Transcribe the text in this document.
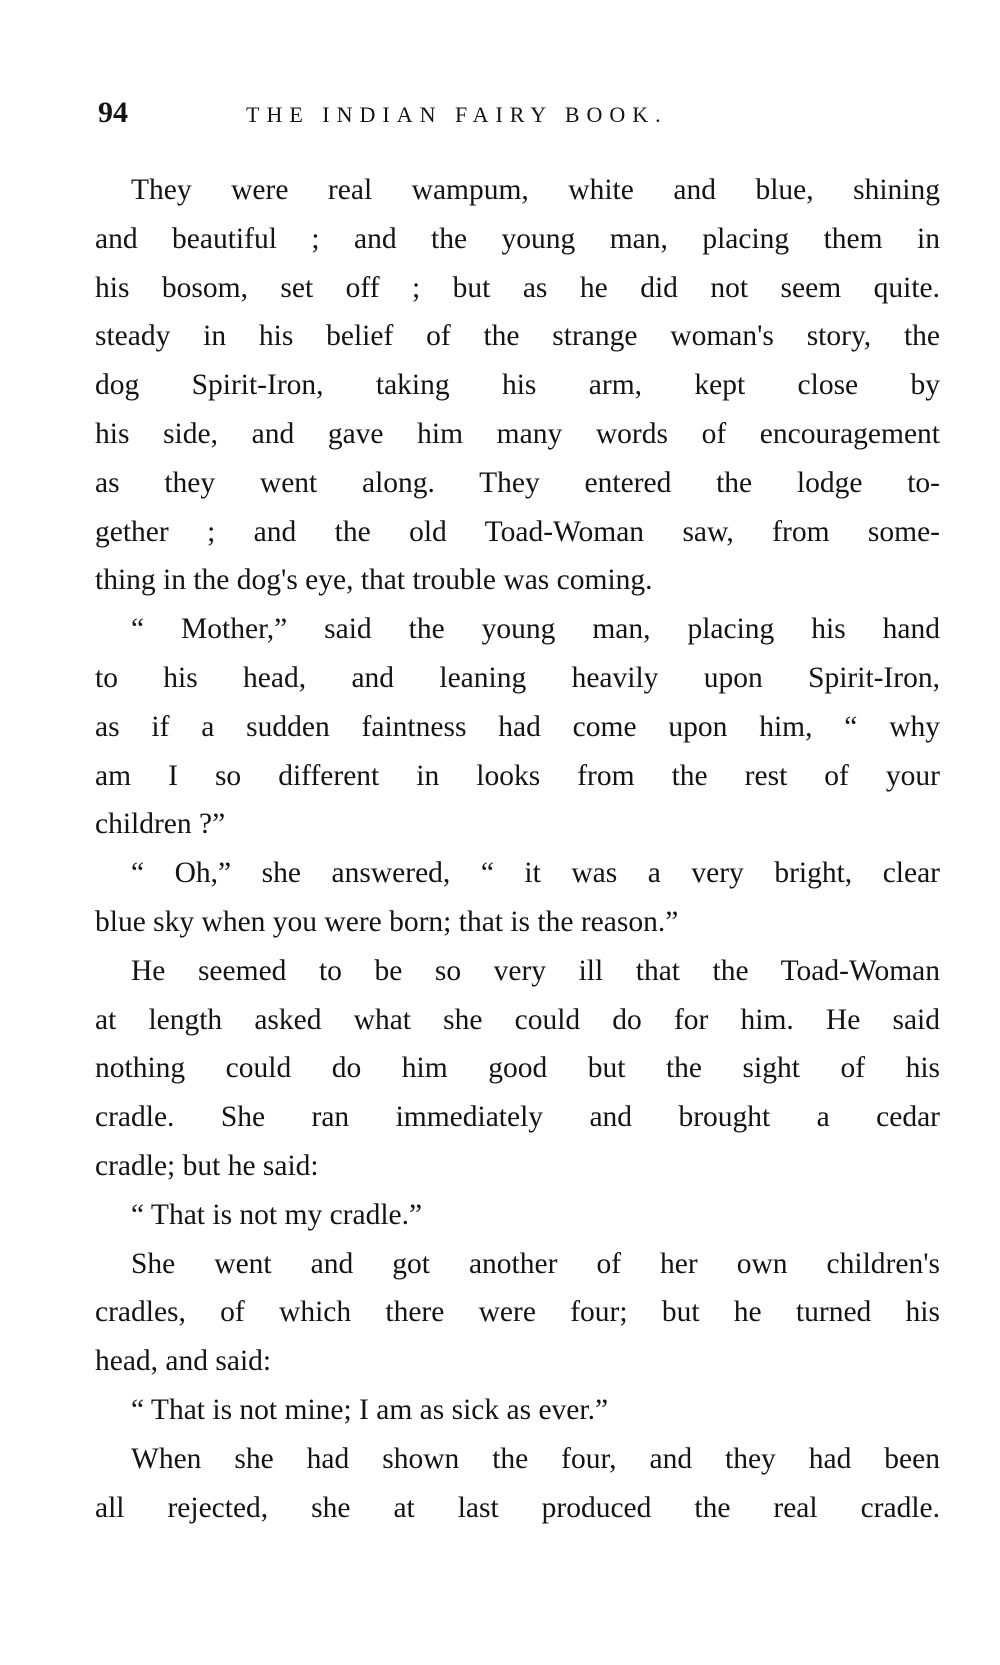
94	THE INDIAN FAIRY BOOK.
They were real wampum, white and blue, shining
and beautiful ; and the young man, placing them in
his bosom, set off ; but as he did not seem quite.
steady in his belief of the strange woman's story, the
dog Spirit-Iron, taking his arm, kept close by
his side, and gave him many words of encouragement
as they went along. They entered the lodge to-
gether ; and the old Toad-Woman saw, from some-
thing in the dog's eye, that trouble was coming.
“ Mother,” said the young man, placing his hand
to his head, and leaning heavily upon Spirit-Iron,
as if a sudden faintness had come upon him, “ why
am I so different in looks from the rest of your
children ?”
“ Oh,” she answered, “ it was a very bright, clear
blue sky when you were born; that is the reason.”
He seemed to be so very ill that the Toad-Woman
at length asked what she could do for him. He said
nothing could do him good but the sight of his
cradle. She ran immediately and brought a cedar
cradle; but he said:
“ That is not my cradle.”
She went and got another of her own children's
cradles, of which there were four; but he turned his
head, and said:
“ That is not mine; I am as sick as ever.”
When she had shown the four, and they had been
all rejected, she at last produced the real cradle.
